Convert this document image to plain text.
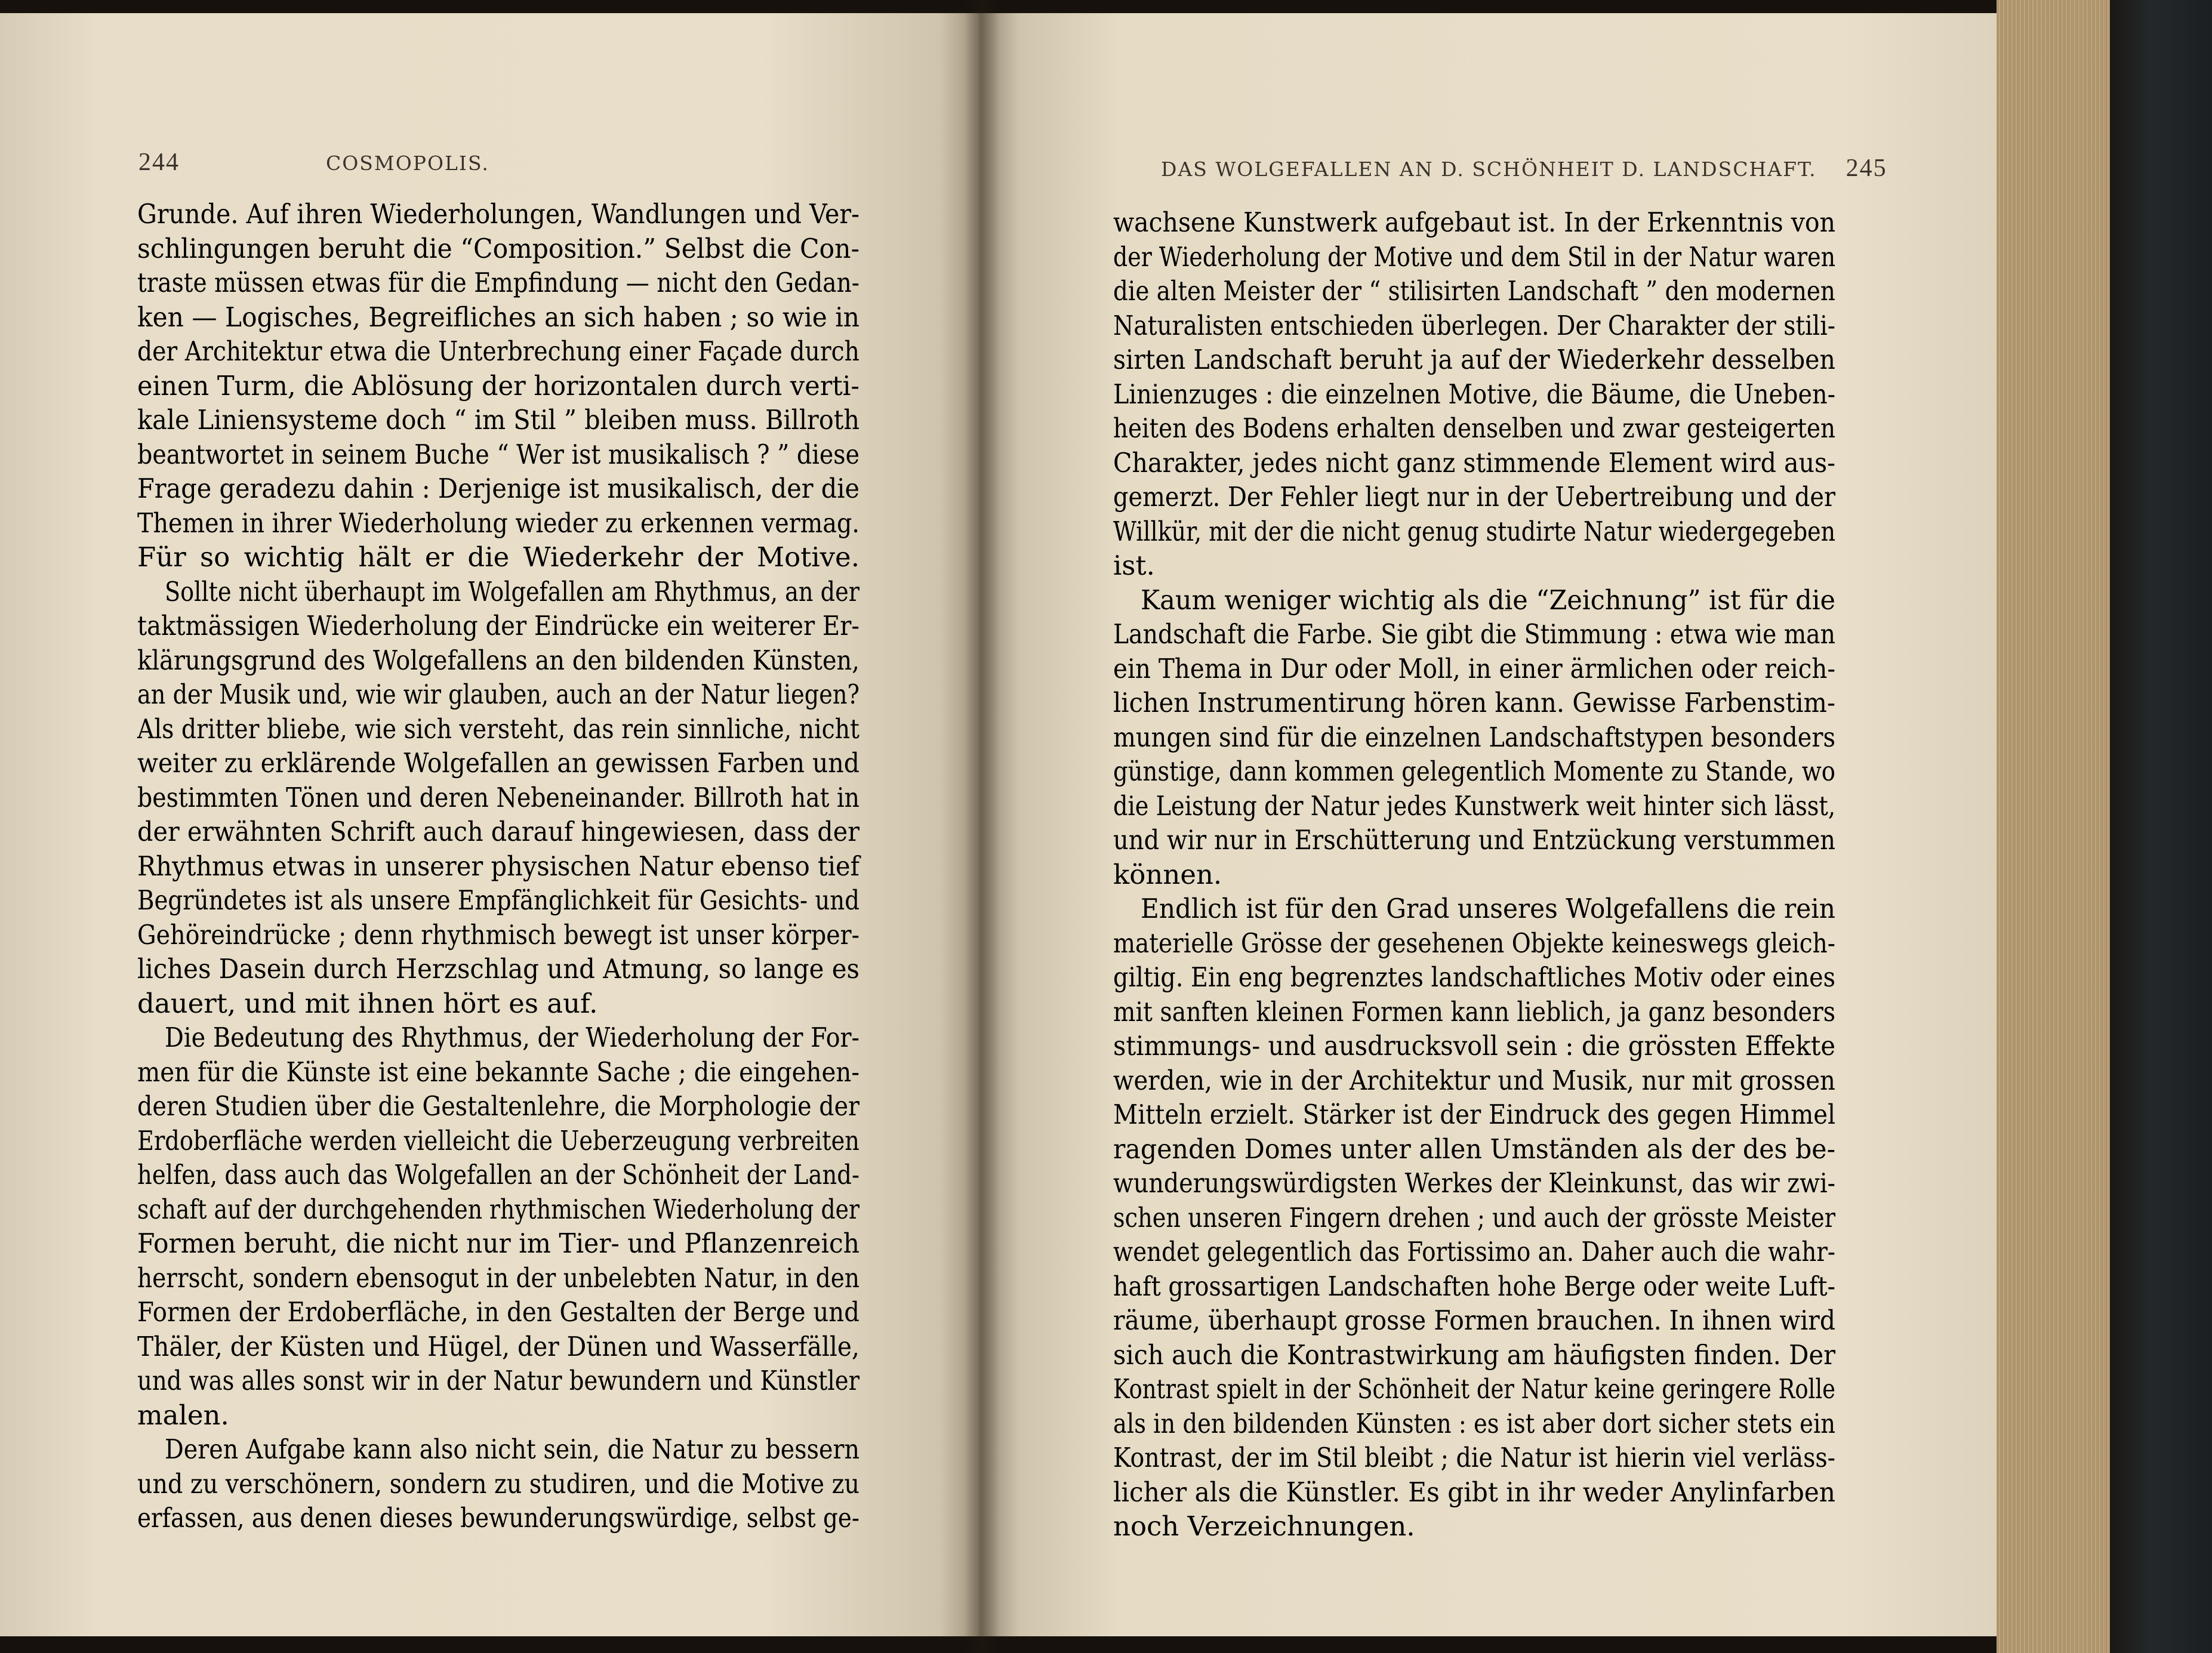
244	COSMOPOLIS.	DAS WOLGEFALLEN AN D. SCHÖNHEIT D. LANDSCHAFT. 245
Grunde. Auf ihren Wiederholungen, Wandlungen und Ver-
schlingungen beruht die “Composition.” Selbst die Con-
traste müssen etwas für die Empfindung — nicht den Gedan-
ken — Logisches, Begreifliches an sich haben ; so wie in
der Architektur etwa die Unterbrechung einer Façade durch
einen Turm, die Ablösung der horizontalen durch verti-
kale Liniensysteme doch “ im Stil ” bleiben muss. Billroth
beantwortet in seinem Buche “ Wer ist musikalisch ? ” diese
Frage geradezu dahin : Derjenige ist musikalisch, der die
Themen in ihrer Wiederholung wieder zu erkennen vermag.
Für so wichtig hält er die Wiederkehr der Motive.
Sollte nicht überhaupt im Wolgefallen am Rhythmus, an der
taktmässigen Wiederholung der Eindrücke ein weiterer Er-
klärungsgrund des Wolgefallens an den bildenden Künsten,
an der Musik und, wie wir glauben, auch an der Natur liegen?
Als dritter bliebe, wie sich versteht, das rein sinnliche, nicht
weiter zu erklärende Wolgefallen an gewissen Farben und
bestimmten Tönen und deren Nebeneinander. Billroth hat in
der erwähnten Schrift auch darauf hingewiesen, dass der
Rhythmus etwas in unserer physischen Natur ebenso tief
Begründetes ist als unsere Empfänglichkeit für Gesichts- und
Gehöreindrücke ; denn rhythmisch bewegt ist unser körper-
liches Dasein durch Herzschlag und Atmung, so lange es
dauert, und mit ihnen hört es auf.
Die Bedeutung des Rhythmus, der Wiederholung der For-
men für die Künste ist eine bekannte Sache ; die eingehen-
deren Studien über die Gestaltenlehre, die Morphologie der
Erdoberfläche werden vielleicht die Ueberzeugung verbreiten
helfen, dass auch das Wolgefallen an der Schönheit der Land-
schaft auf der durchgehenden rhythmischen Wiederholung der
Formen beruht, die nicht nur im Tier- und Pflanzenreich
herrscht, sondern ebensogut in der unbelebten Natur, in den
Formen der Erdoberfläche, in den Gestalten der Berge und
Thäler, der Küsten und Hügel, der Dünen und Wasserfälle,
und was alles sonst wir in der Natur bewundern und Künstler
malen.
Deren Aufgabe kann also nicht sein, die Natur zu bessern
und zu verschönern, sondern zu studiren, und die Motive zu
erfassen, aus denen dieses bewunderungswürdige, selbst ge-
wachsene Kunstwerk aufgebaut ist. In der Erkenntnis von
der Wiederholung der Motive und dem Stil in der Natur waren
die alten Meister der “ stilisirten Landschaft ” den modernen
Naturalisten entschieden überlegen. Der Charakter der stili-
sirten Landschaft beruht ja auf der Wiederkehr desselben
Linienzuges : die einzelnen Motive, die Bäume, die Uneben-
heiten des Bodens erhalten denselben und zwar gesteigerten
Charakter, jedes nicht ganz stimmende Element wird aus-
gemerzt. Der Fehler liegt nur in der Uebertreibung und der
Willkür, mit der die nicht genug studirte Natur wiedergegeben
ist.
Kaum weniger wichtig als die “Zeichnung” ist für die
Landschaft die Farbe. Sie gibt die Stimmung : etwa wie man
ein Thema in Dur oder Moll, in einer ärmlichen oder reich-
lichen Instrumentirung hören kann. Gewisse Farbenstim-
mungen sind für die einzelnen Landschaftstypen besonders
günstige, dann kommen gelegentlich Momente zu Stande, wo
die Leistung der Natur jedes Kunstwerk weit hinter sich lässt,
und wir nur in Erschütterung und Entzückung verstummen
können.
Endlich ist für den Grad unseres Wolgefallens die rein
materielle Grösse der gesehenen Objekte keineswegs gleich-
giltig. Ein eng begrenztes landschaftliches Motiv oder eines
mit sanften kleinen Formen kann lieblich, ja ganz besonders
stimmungs- und ausdrucksvoll sein : die grössten Effekte
werden, wie in der Architektur und Musik, nur mit grossen
Mitteln erzielt. Stärker ist der Eindruck des gegen Himmel
ragenden Domes unter allen Umständen als der des be-
wunderungswürdigsten Werkes der Kleinkunst, das wir zwi-
schen unseren Fingern drehen ; und auch der grösste Meister
wendet gelegentlich das Fortissimo an. Daher auch die wahr-
haft grossartigen Landschaften hohe Berge oder weite Luft-
räume, überhaupt grosse Formen brauchen. In ihnen wird
sich auch die Kontrastwirkung am häufigsten finden. Der
Kontrast spielt in der Schönheit der Natur keine geringere Rolle
als in den bildenden Künsten : es ist aber dort sicher stets ein
Kontrast, der im Stil bleibt ; die Natur ist hierin viel verläss-
licher als die Künstler. Es gibt in ihr weder Anylinfarben
noch Verzeichnungen.
